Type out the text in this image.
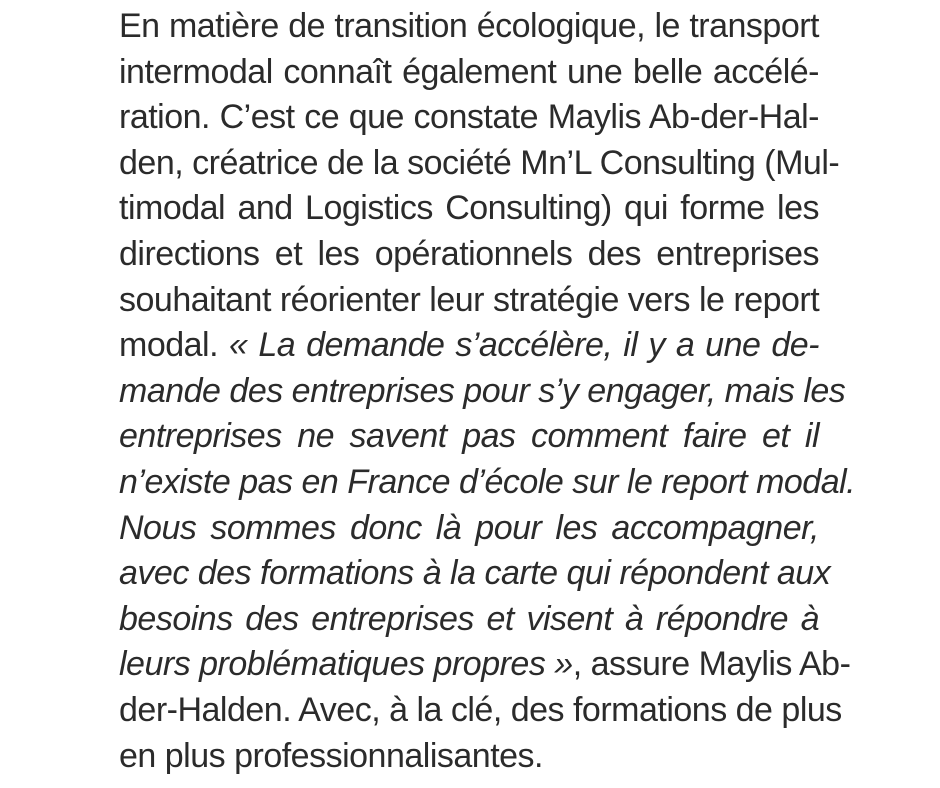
En matière de transition écologique, le transport
intermodal connaît également une belle accélé-
ration. C’est ce que constate Maylis Ab-der-Hal-
den, créatrice de la société Mn’L Consulting (Mul-
timodal and Logistics Consulting) qui forme les
directions et les opérationnels des entreprises
souhaitant réorienter leur stratégie vers le report
modal. « La demande s’accélère, il y a une de-
mande des entreprises pour s’y engager, mais les
entreprises ne savent pas comment faire et il
n’existe pas en France d’école sur le report modal.
Nous sommes donc là pour les accompagner,
avec des formations à la carte qui répondent aux
besoins des entreprises et visent à répondre à
leurs problématiques propres », assure Maylis Ab-
der-Halden. Avec, à la clé, des formations de plus
en plus professionnalisantes.
